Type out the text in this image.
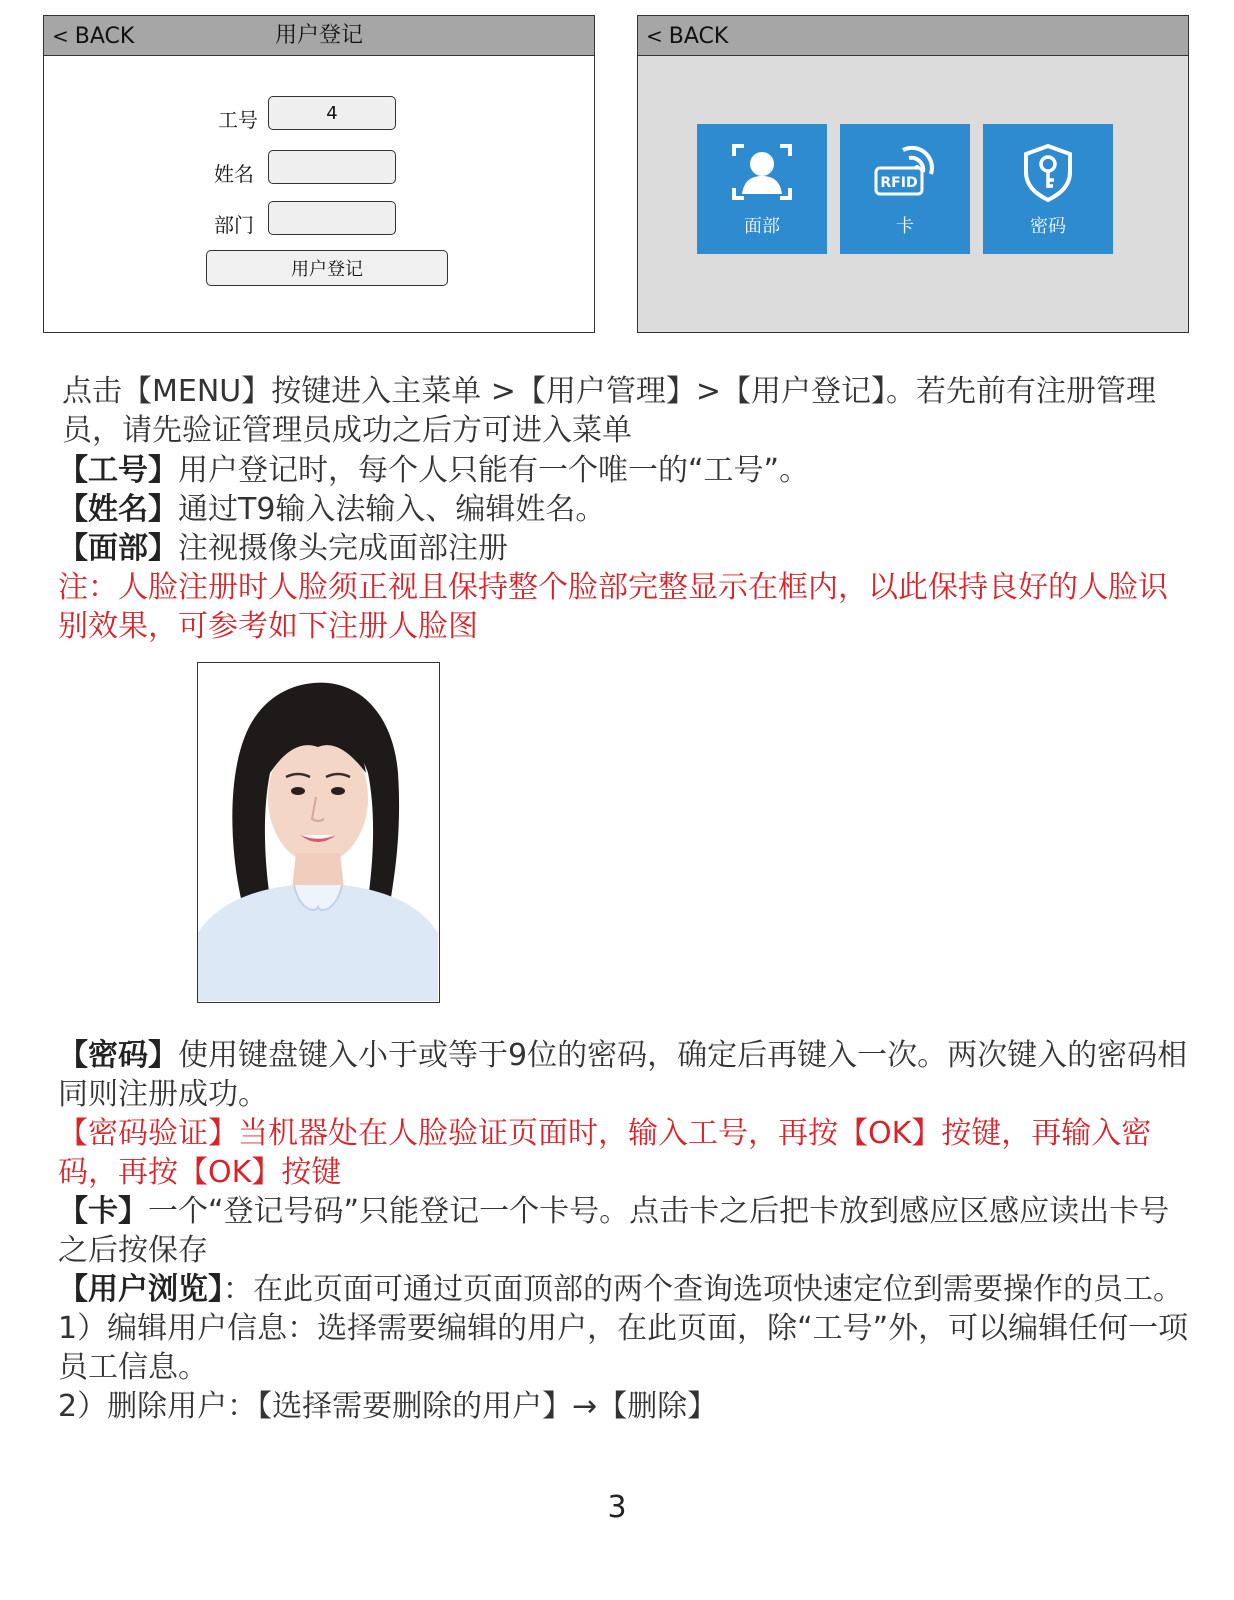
< BACK	用户登记
工号
4
姓名
部门
用户登记
< BACK
面部
RFID
卡	密码

点击【MENU】按键进入主菜单 >【用户管理】>【用户登记】。若先前有注册管理员，请先验证管理员成功之后方可进入菜单

【工号】用户登记时，每个人只能有一个唯一的“工号”。

【姓名】通过T9输入法输入、编辑姓名。

【面部】注视摄像头完成面部注册

注：人脸注册时人脸须正视且保持整个脸部完整显示在框内，以此保持良好的人脸识别效果，可参考如下注册人脸图

【密码】使用键盘键入小于或等于9位的密码，确定后再键入一次。两次键入的密码相同则注册成功。

【密码验证】当机器处在人脸验证页面时，输入工号，再按【OK】按键，再输入密码，再按【OK】按键

【卡】一个“登记号码”只能登记一个卡号。点击卡之后把卡放到感应区感应读出卡号之后按保存

【用户浏览】：在此页面可通过页面顶部的两个查询选项快速定位到需要操作的员工。

1）编辑用户信息：选择需要编辑的用户，在此页面，除“工号”外，可以编辑任何一项员工信息。

2）删除用户：【选择需要删除的用户】→【删除】

3
